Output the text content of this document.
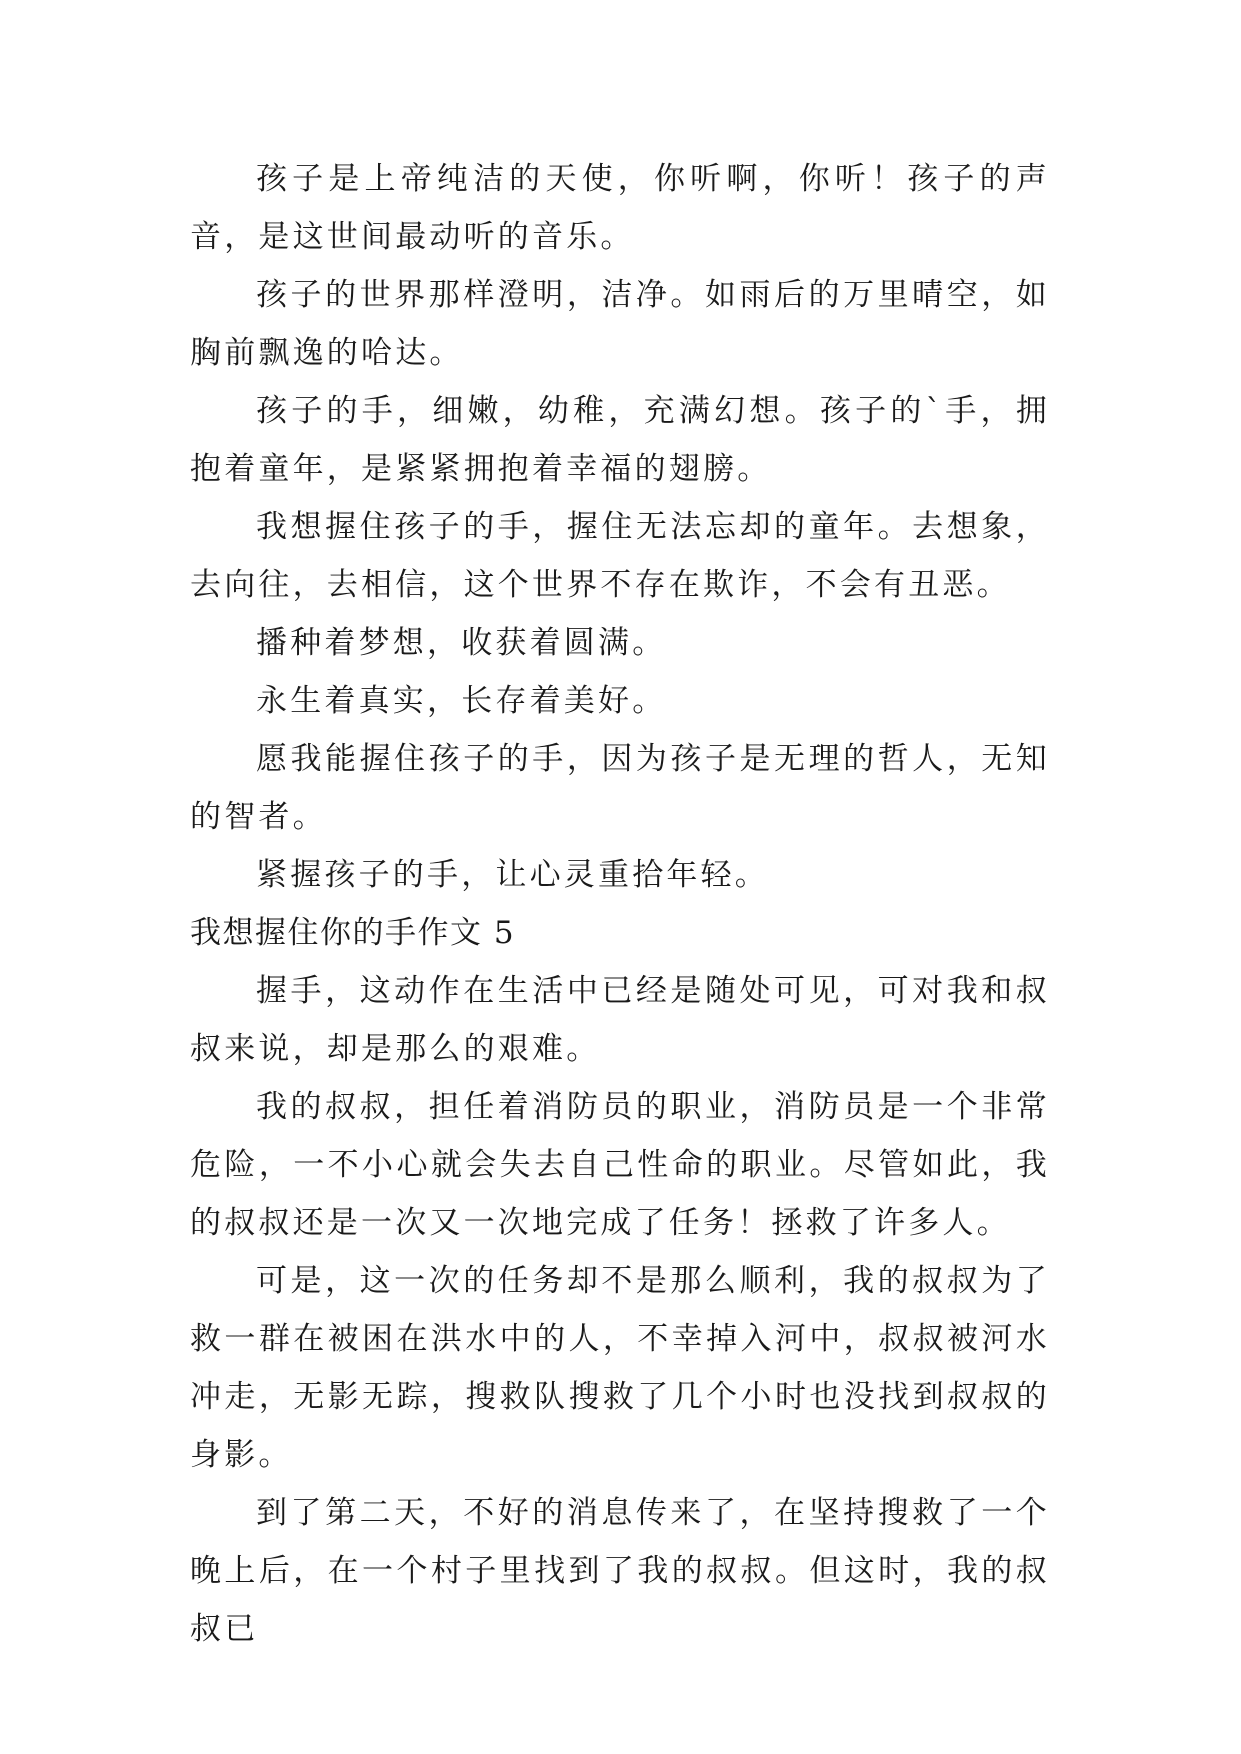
孩子是上帝纯洁的天使，你听啊，你听！孩子的声音，是这世间最动听的音乐。

孩子的世界那样澄明，洁净。如雨后的万里晴空，如胸前飘逸的哈达。

孩子的手，细嫩，幼稚，充满幻想。孩子的`手，拥抱着童年，是紧紧拥抱着幸福的翅膀。

我想握住孩子的手，握住无法忘却的童年。去想象，去向往，去相信，这个世界不存在欺诈，不会有丑恶。

播种着梦想，收获着圆满。

永生着真实，长存着美好。

愿我能握住孩子的手，因为孩子是无理的哲人，无知的智者。

紧握孩子的手，让心灵重拾年轻。

我想握住你的手作文 5

握手，这动作在生活中已经是随处可见，可对我和叔叔来说，却是那么的艰难。

我的叔叔，担任着消防员的职业，消防员是一个非常危险，一不小心就会失去自己性命的职业。尽管如此，我的叔叔还是一次又一次地完成了任务！拯救了许多人。

可是，这一次的任务却不是那么顺利，我的叔叔为了救一群在被困在洪水中的人，不幸掉入河中，叔叔被河水冲走，无影无踪，搜救队搜救了几个小时也没找到叔叔的身影。

到了第二天，不好的消息传来了，在坚持搜救了一个晚上后，在一个村子里找到了我的叔叔。但这时，我的叔叔已
